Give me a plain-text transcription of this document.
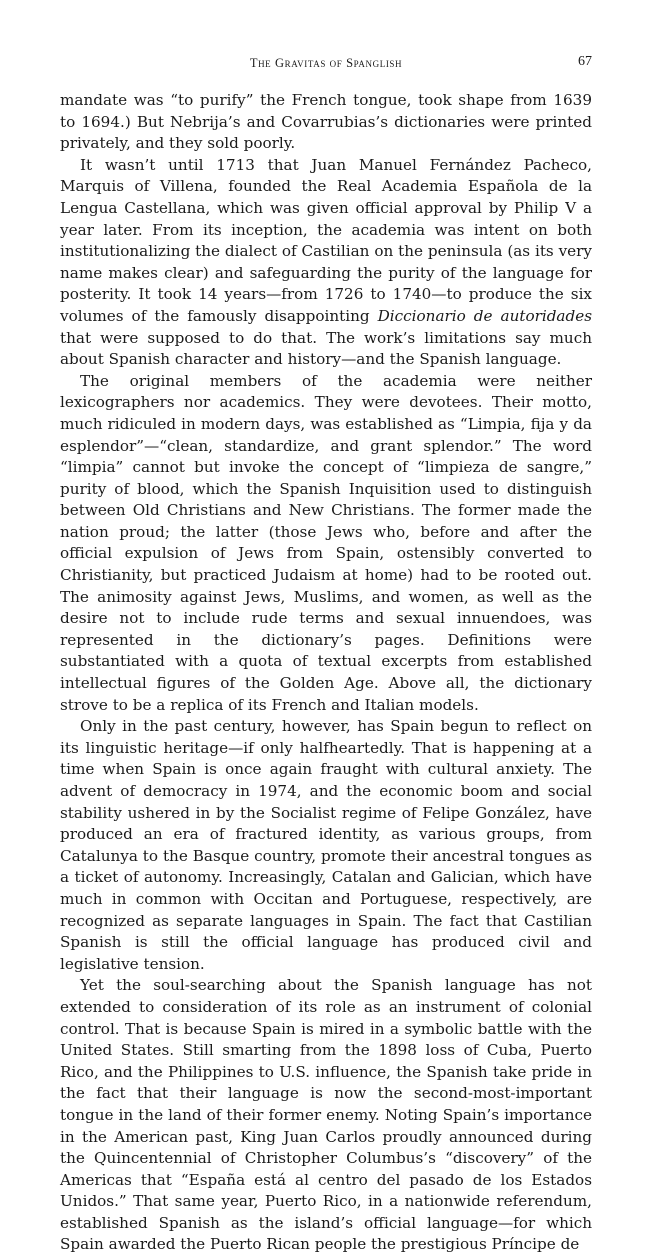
The Gravitas of Spanglish	67

mandate was “to purify” the French tongue, took shape from 1639 to 1694.) But Nebrija’s and Covarrubias’s dictionaries were printed privately, and they sold poorly.

It wasn’t until 1713 that Juan Manuel Fernández Pacheco, Marquis of Villena, founded the Real Academia Española de la Lengua Castellana, which was given official approval by Philip V a year later. From its inception, the academia was intent on both institutionalizing the dialect of Castilian on the peninsula (as its very name makes clear) and safeguarding the purity of the language for posterity. It took 14 years—from 1726 to 1740—to produce the six volumes of the famously disappointing Diccionario de autoridades that were supposed to do that. The work’s limitations say much about Spanish character and history—and the Spanish language.

The original members of the academia were neither lexicographers nor academics. They were devotees. Their motto, much ridiculed in modern days, was established as “Limpia, fija y da esplendor”—“clean, standardize, and grant splendor.” The word “limpia” cannot but invoke the concept of “limpieza de sangre,” purity of blood, which the Spanish Inquisition used to distinguish between Old Christians and New Christians. The former made the nation proud; the latter (those Jews who, before and after the official expulsion of Jews from Spain, ostensibly converted to Christianity, but practiced Judaism at home) had to be rooted out. The animosity against Jews, Muslims, and women, as well as the desire not to include rude terms and sexual innuendoes, was represented in the dictionary’s pages. Definitions were substantiated with a quota of textual excerpts from established intellectual figures of the Golden Age. Above all, the dictionary strove to be a replica of its French and Italian models.

Only in the past century, however, has Spain begun to reflect on its linguistic heritage—if only halfheartedly. That is happening at a time when Spain is once again fraught with cultural anxiety. The advent of democracy in 1974, and the economic boom and social stability ushered in by the Socialist regime of Felipe González, have produced an era of fractured identity, as various groups, from Catalunya to the Basque country, promote their ancestral tongues as a ticket of autonomy. Increasingly, Catalan and Galician, which have much in common with Occitan and Portuguese, respectively, are recognized as separate languages in Spain. The fact that Castilian Spanish is still the official language has produced civil and legislative tension.

Yet the soul-searching about the Spanish language has not extended to consideration of its role as an instrument of colonial control. That is because Spain is mired in a symbolic battle with the United States. Still smarting from the 1898 loss of Cuba, Puerto Rico, and the Philippines to U.S. influence, the Spanish take pride in the fact that their language is now the second-most-important tongue in the land of their former enemy. Noting Spain’s importance in the American past, King Juan Carlos proudly announced during the Quincentennial of Christopher Columbus’s “discovery” of the Americas that “España está al centro del pasado de los Estados Unidos.” That same year, Puerto Rico, in a nationwide referendum, established Spanish as the island’s official language—for which Spain awarded the Puerto Rican people the prestigious Príncipe de
